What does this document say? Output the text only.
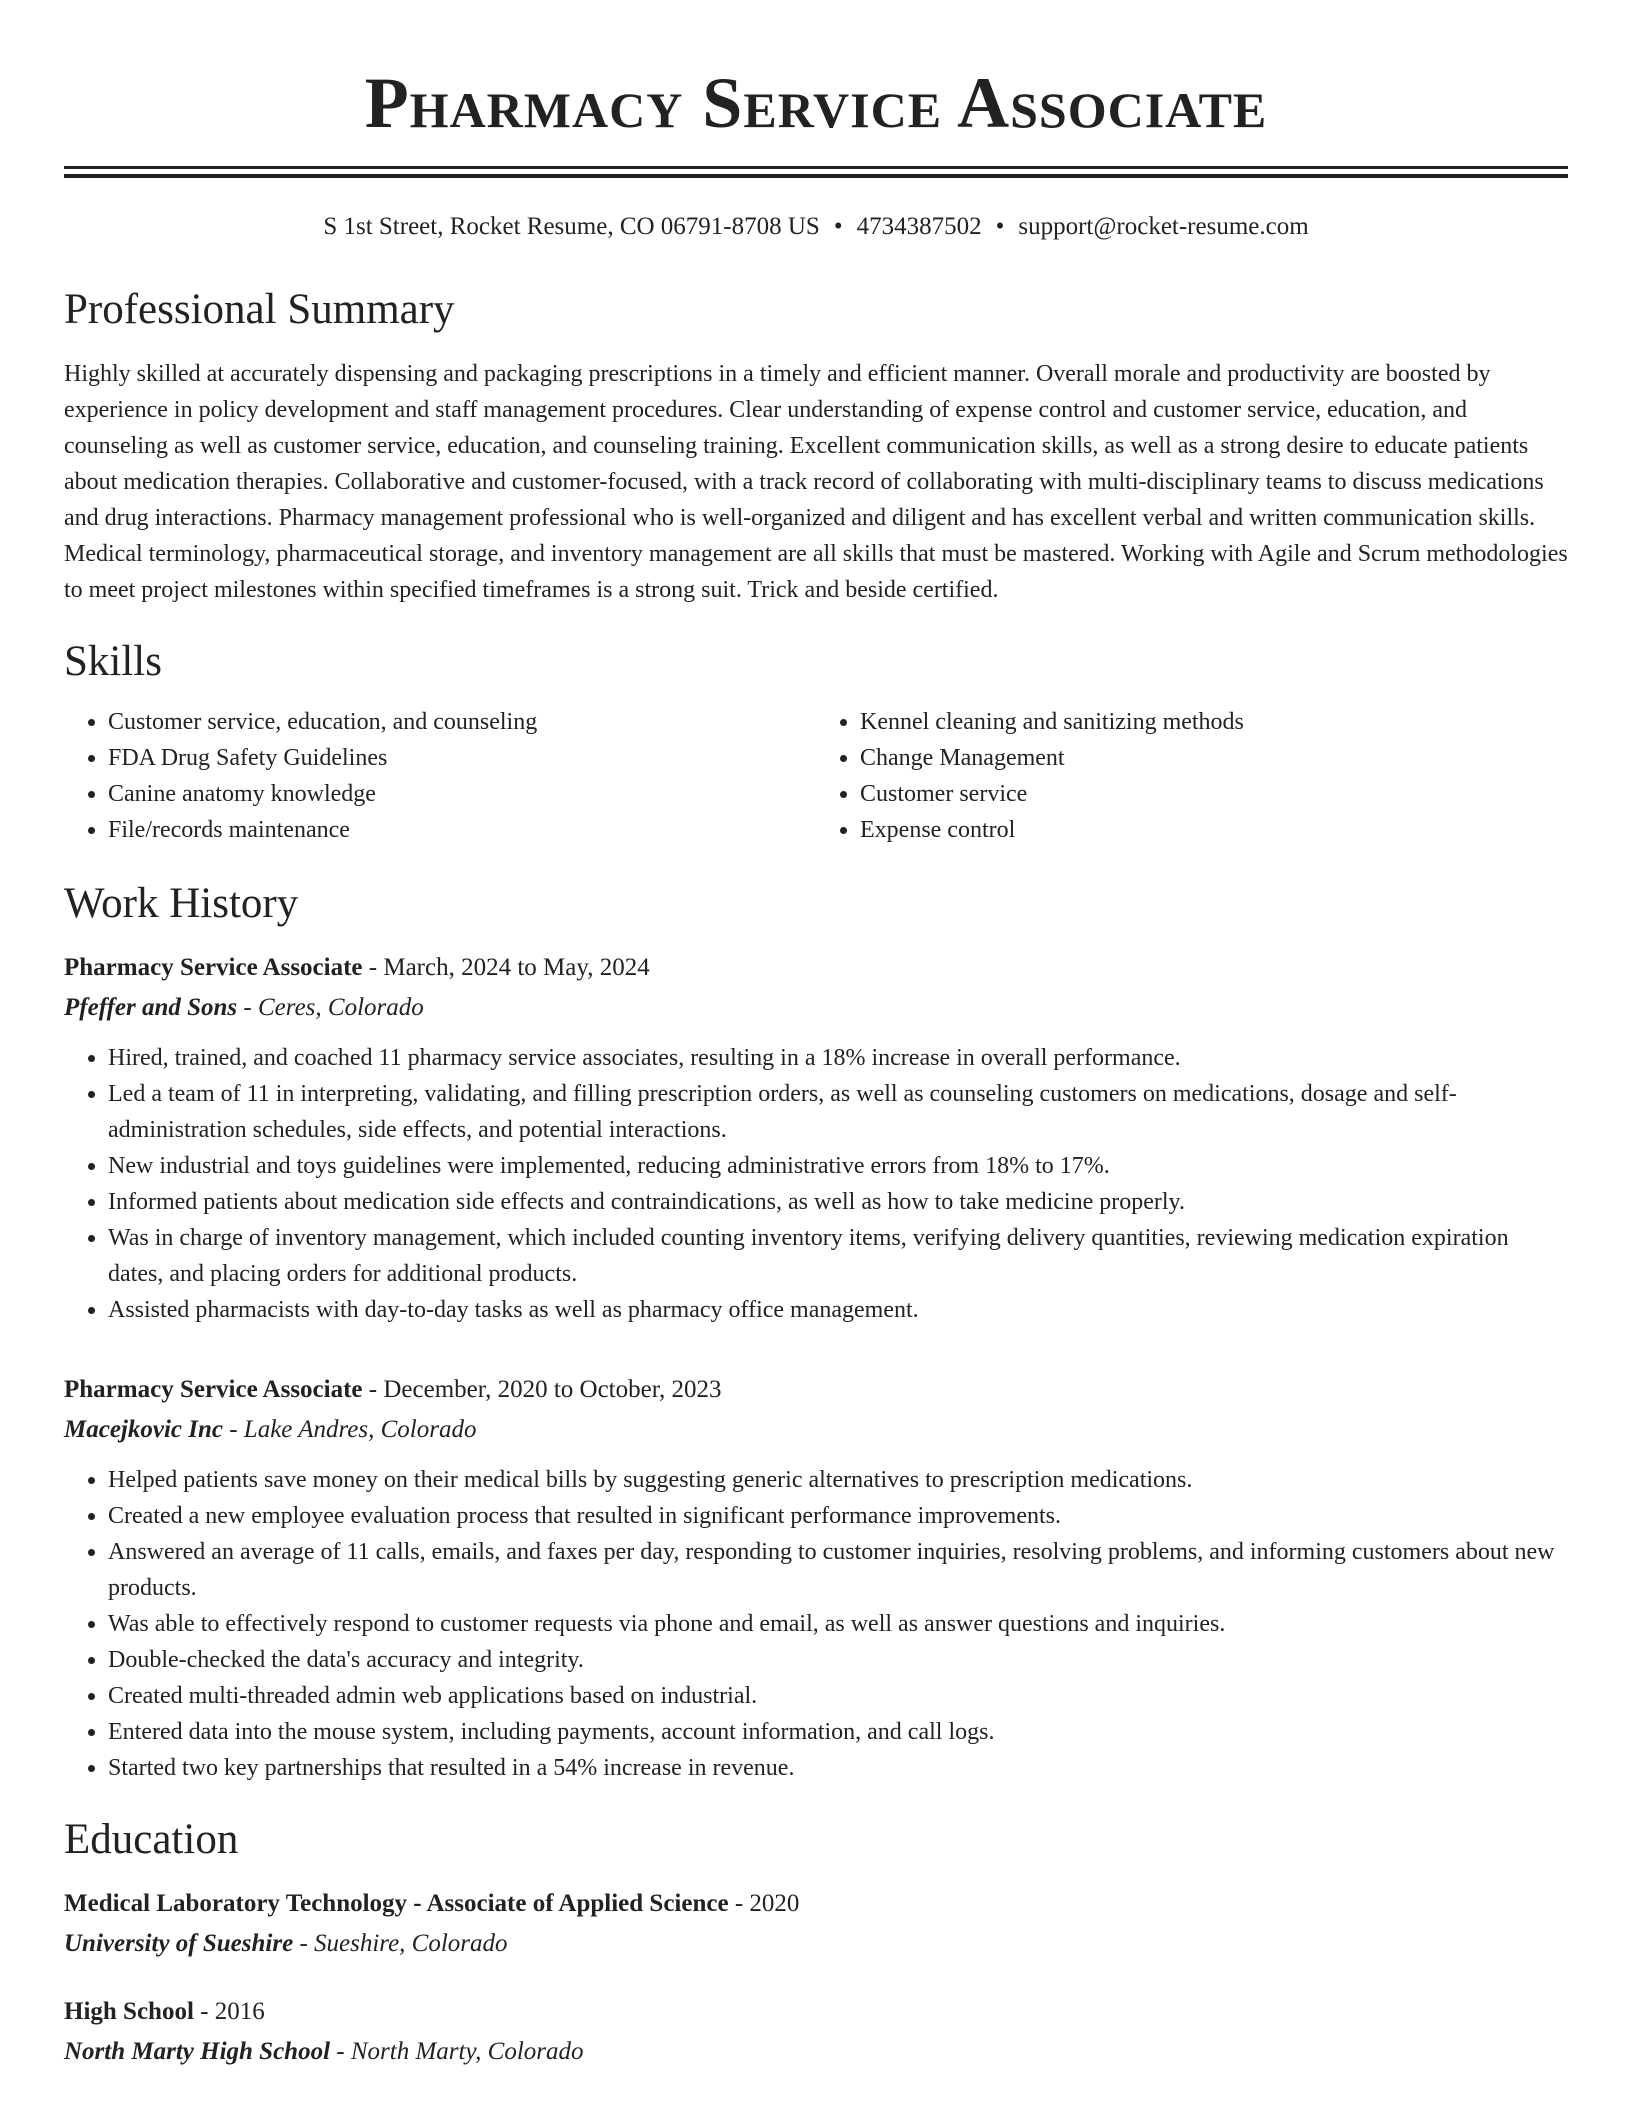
Pharmacy Service Associate
S 1st Street, Rocket Resume, CO 06791-8708 US • 4734387502 • support@rocket-resume.com
Professional Summary

Highly skilled at accurately dispensing and packaging prescriptions in a timely and efficient manner. Overall morale and productivity are boosted by experience in policy development and staff management procedures. Clear understanding of expense control and customer service, education, and counseling as well as customer service, education, and counseling training. Excellent communication skills, as well as a strong desire to educate patients about medication therapies. Collaborative and customer-focused, with a track record of collaborating with multi-disciplinary teams to discuss medications and drug interactions. Pharmacy management professional who is well-organized and diligent and has excellent verbal and written communication skills. Medical terminology, pharmaceutical storage, and inventory management are all skills that must be mastered. Working with Agile and Scrum methodologies to meet project milestones within specified timeframes is a strong suit. Trick and beside certified.

Skills
• Customer service, education, and counseling
• FDA Drug Safety Guidelines
• Canine anatomy knowledge
• File/records maintenance
• Kennel cleaning and sanitizing methods
• Change Management
• Customer service
• Expense control
Work History
Pharmacy Service Associate - March, 2024 to May, 2024
Pfeffer and Sons - Ceres, Colorado
• Hired, trained, and coached 11 pharmacy service associates, resulting in a 18% increase in overall performance.
• Led a team of 11 in interpreting, validating, and filling prescription orders, as well as counseling customers on medications, dosage and self-administration schedules, side effects, and potential interactions.
• New industrial and toys guidelines were implemented, reducing administrative errors from 18% to 17%.
• Informed patients about medication side effects and contraindications, as well as how to take medicine properly.
• Was in charge of inventory management, which included counting inventory items, verifying delivery quantities, reviewing medication expiration dates, and placing orders for additional products.
• Assisted pharmacists with day-to-day tasks as well as pharmacy office management.
Pharmacy Service Associate - December, 2020 to October, 2023
Macejkovic Inc - Lake Andres, Colorado
• Helped patients save money on their medical bills by suggesting generic alternatives to prescription medications.
• Created a new employee evaluation process that resulted in significant performance improvements.
• Answered an average of 11 calls, emails, and faxes per day, responding to customer inquiries, resolving problems, and informing customers about new products.
• Was able to effectively respond to customer requests via phone and email, as well as answer questions and inquiries.
• Double-checked the data's accuracy and integrity.
• Created multi-threaded admin web applications based on industrial.
• Entered data into the mouse system, including payments, account information, and call logs.
• Started two key partnerships that resulted in a 54% increase in revenue.
Education
Medical Laboratory Technology - Associate of Applied Science - 2020
University of Sueshire - Sueshire, Colorado
High School - 2016
North Marty High School - North Marty, Colorado
